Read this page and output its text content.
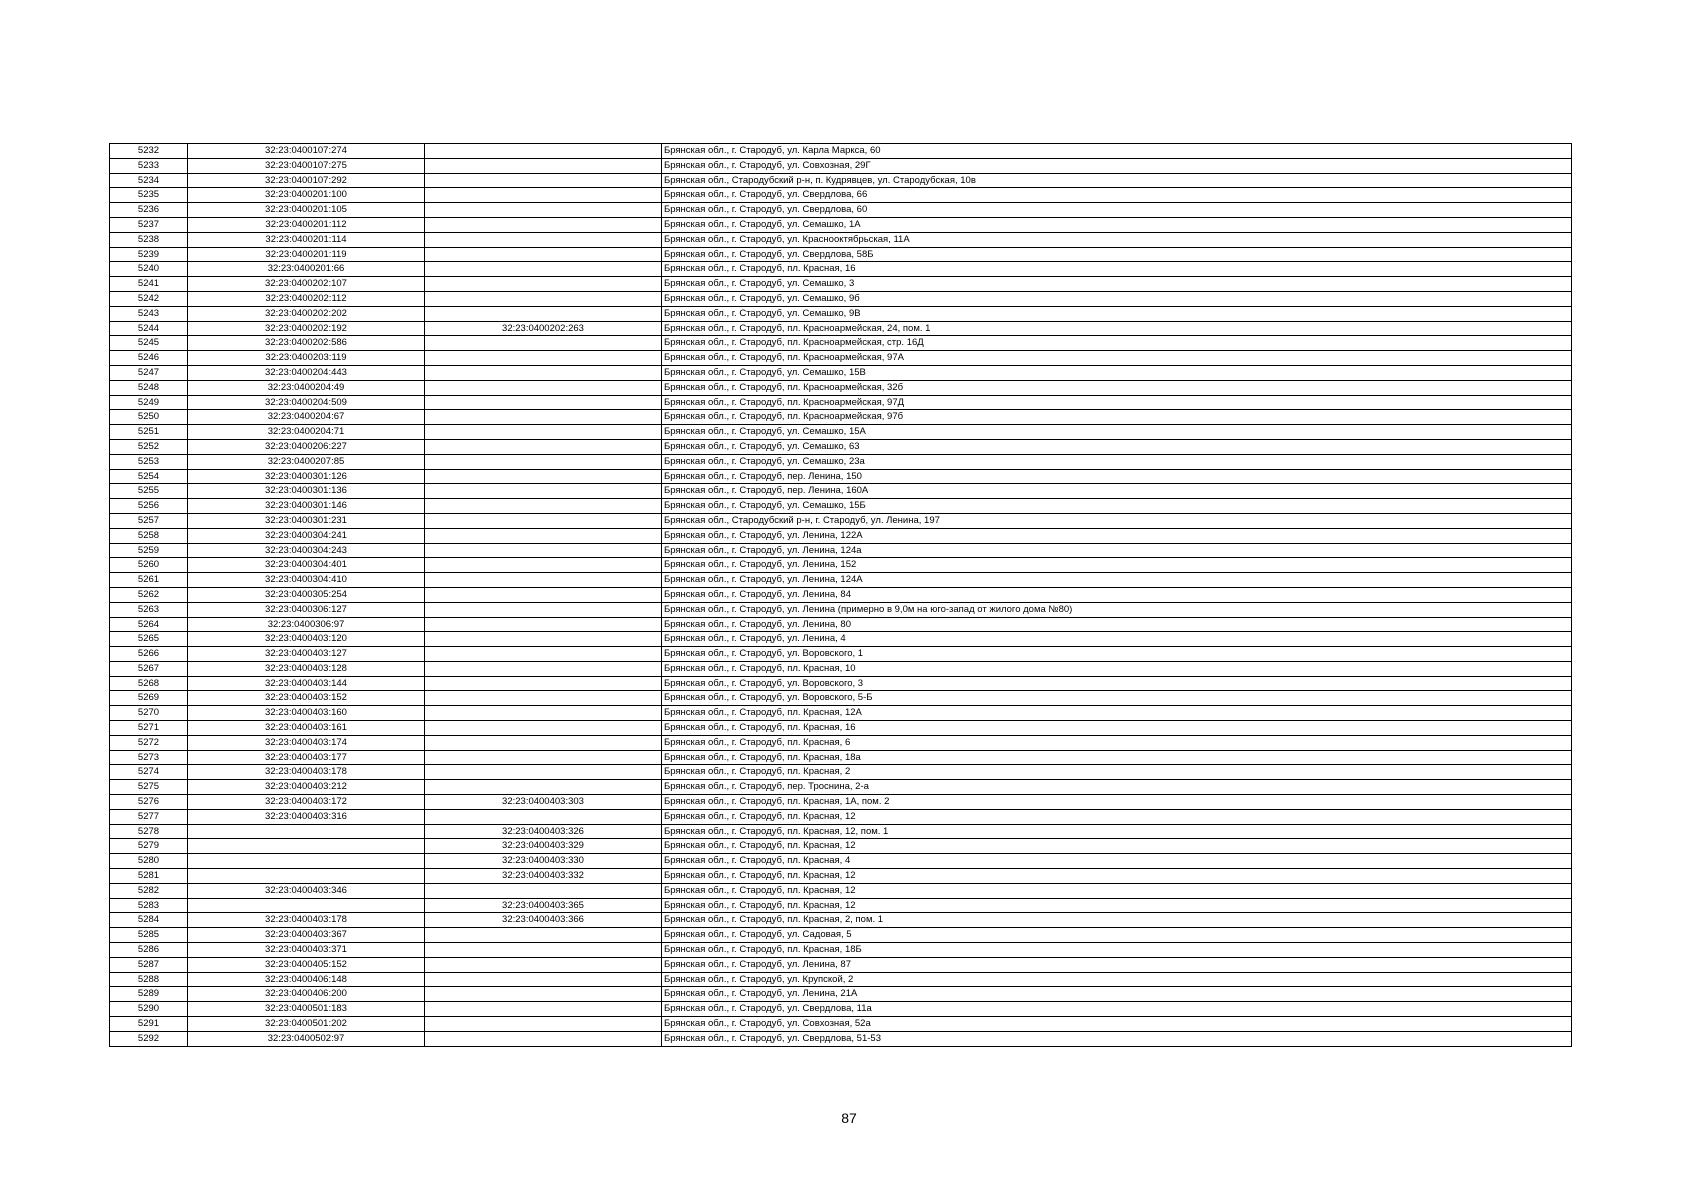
5232	32:23:0400107:274		Брянская обл., г. Стародуб, ул. Карла Маркса, 60
5233	32:23:0400107:275		Брянская обл., г. Стародуб, ул. Совхозная, 29Г
5234	32:23:0400107:292		Брянская обл., Стародубский р-н, п. Кудрявцев, ул. Стародубская, 10в
5235	32:23:0400201:100		Брянская обл., г. Стародуб, ул. Свердлова, 66
5236	32:23:0400201:105		Брянская обл., г. Стародуб, ул. Свердлова, 60
5237	32:23:0400201:112		Брянская обл., г. Стародуб, ул. Семашко, 1А
5238	32:23:0400201:114		Брянская обл., г. Стародуб, ул. Краснооктябрьская, 11А
5239	32:23:0400201:119		Брянская обл., г. Стародуб, ул. Свердлова, 58Б
5240	32:23:0400201:66		Брянская обл., г. Стародуб, пл. Красная, 16
5241	32:23:0400202:107		Брянская обл., г. Стародуб, ул. Семашко, 3
5242	32:23:0400202:112		Брянская обл., г. Стародуб, ул. Семашко, 9б
5243	32:23:0400202:202		Брянская обл., г. Стародуб, ул. Семашко, 9В
5244	32:23:0400202:192	32:23:0400202:263	Брянская обл., г. Стародуб, пл. Красноармейская, 24, пом. 1
5245	32:23:0400202:586		Брянская обл., г. Стародуб, пл. Красноармейская, стр. 16Д
5246	32:23:0400203:119		Брянская обл., г. Стародуб, пл. Красноармейская, 97А
5247	32:23:0400204:443		Брянская обл., г. Стародуб, ул. Семашко, 15В
5248	32:23:0400204:49		Брянская обл., г. Стародуб, пл. Красноармейская, 32б
5249	32:23:0400204:509		Брянская обл., г. Стародуб, пл. Красноармейская, 97Д
5250	32:23:0400204:67		Брянская обл., г. Стародуб, пл. Красноармейская, 97б
5251	32:23:0400204:71		Брянская обл., г. Стародуб, ул. Семашко, 15А
5252	32:23:0400206:227		Брянская обл., г. Стародуб, ул. Семашко, 63
5253	32:23:0400207:85		Брянская обл., г. Стародуб, ул. Семашко, 23а
5254	32:23:0400301:126		Брянская обл., г. Стародуб, пер. Ленина, 150
5255	32:23:0400301:136		Брянская обл., г. Стародуб, пер. Ленина, 160А
5256	32:23:0400301:146		Брянская обл., г. Стародуб, ул. Семашко, 15Б
5257	32:23:0400301:231		Брянская обл., Стародубский р-н, г. Стародуб, ул. Ленина, 197
5258	32:23:0400304:241		Брянская обл., г. Стародуб, ул. Ленина, 122А
5259	32:23:0400304:243		Брянская обл., г. Стародуб, ул. Ленина, 124а
5260	32:23:0400304:401		Брянская обл., г. Стародуб, ул. Ленина, 152
5261	32:23:0400304:410		Брянская обл., г. Стародуб, ул. Ленина, 124А
5262	32:23:0400305:254		Брянская обл., г. Стародуб, ул. Ленина, 84
5263	32:23:0400306:127		Брянская обл., г. Стародуб, ул. Ленина (примерно в 9,0м на юго-запад от жилого дома №80)
5264	32:23:0400306:97		Брянская обл., г. Стародуб, ул. Ленина, 80
5265	32:23:0400403:120		Брянская обл., г. Стародуб, ул. Ленина, 4
5266	32:23:0400403:127		Брянская обл., г. Стародуб, ул. Воровского, 1
5267	32:23:0400403:128		Брянская обл., г. Стародуб, пл. Красная, 10
5268	32:23:0400403:144		Брянская обл., г. Стародуб, ул. Воровского, 3
5269	32:23:0400403:152		Брянская обл., г. Стародуб, ул. Воровского, 5-Б
5270	32:23:0400403:160		Брянская обл., г. Стародуб, пл. Красная, 12А
5271	32:23:0400403:161		Брянская обл., г. Стародуб, пл. Красная, 16
5272	32:23:0400403:174		Брянская обл., г. Стародуб, пл. Красная, 6
5273	32:23:0400403:177		Брянская обл., г. Стародуб, пл. Красная, 18а
5274	32:23:0400403:178		Брянская обл., г. Стародуб, пл. Красная, 2
5275	32:23:0400403:212		Брянская обл., г. Стародуб, пер. Троснина, 2-а
5276	32:23:0400403:172	32:23:0400403:303	Брянская обл., г. Стародуб, пл. Красная, 1А, пом. 2
5277	32:23:0400403:316		Брянская обл., г. Стародуб, пл. Красная, 12
5278		32:23:0400403:326	Брянская обл., г. Стародуб, пл. Красная, 12, пом. 1
5279		32:23:0400403:329	Брянская обл., г. Стародуб, пл. Красная, 12
5280		32:23:0400403:330	Брянская обл., г. Стародуб, пл. Красная, 4
5281		32:23:0400403:332	Брянская обл., г. Стародуб, пл. Красная, 12
5282	32:23:0400403:346		Брянская обл., г. Стародуб, пл. Красная, 12
5283		32:23:0400403:365	Брянская обл., г. Стародуб, пл. Красная, 12
5284	32:23:0400403:178	32:23:0400403:366	Брянская обл., г. Стародуб, пл. Красная, 2, пом. 1
5285	32:23:0400403:367		Брянская обл., г. Стародуб, ул. Садовая, 5
5286	32:23:0400403:371		Брянская обл., г. Стародуб, пл. Красная, 18Б
5287	32:23:0400405:152		Брянская обл., г. Стародуб, ул. Ленина, 87
5288	32:23:0400406:148		Брянская обл., г. Стародуб, ул. Крупской, 2
5289	32:23:0400406:200		Брянская обл., г. Стародуб, ул. Ленина, 21А
5290	32:23:0400501:183		Брянская обл., г. Стародуб, ул. Свердлова, 11а
5291	32:23:0400501:202		Брянская обл., г. Стародуб, ул. Совхозная, 52а
5292	32:23:0400502:97		Брянская обл., г. Стародуб, ул. Свердлова, 51-53
87
